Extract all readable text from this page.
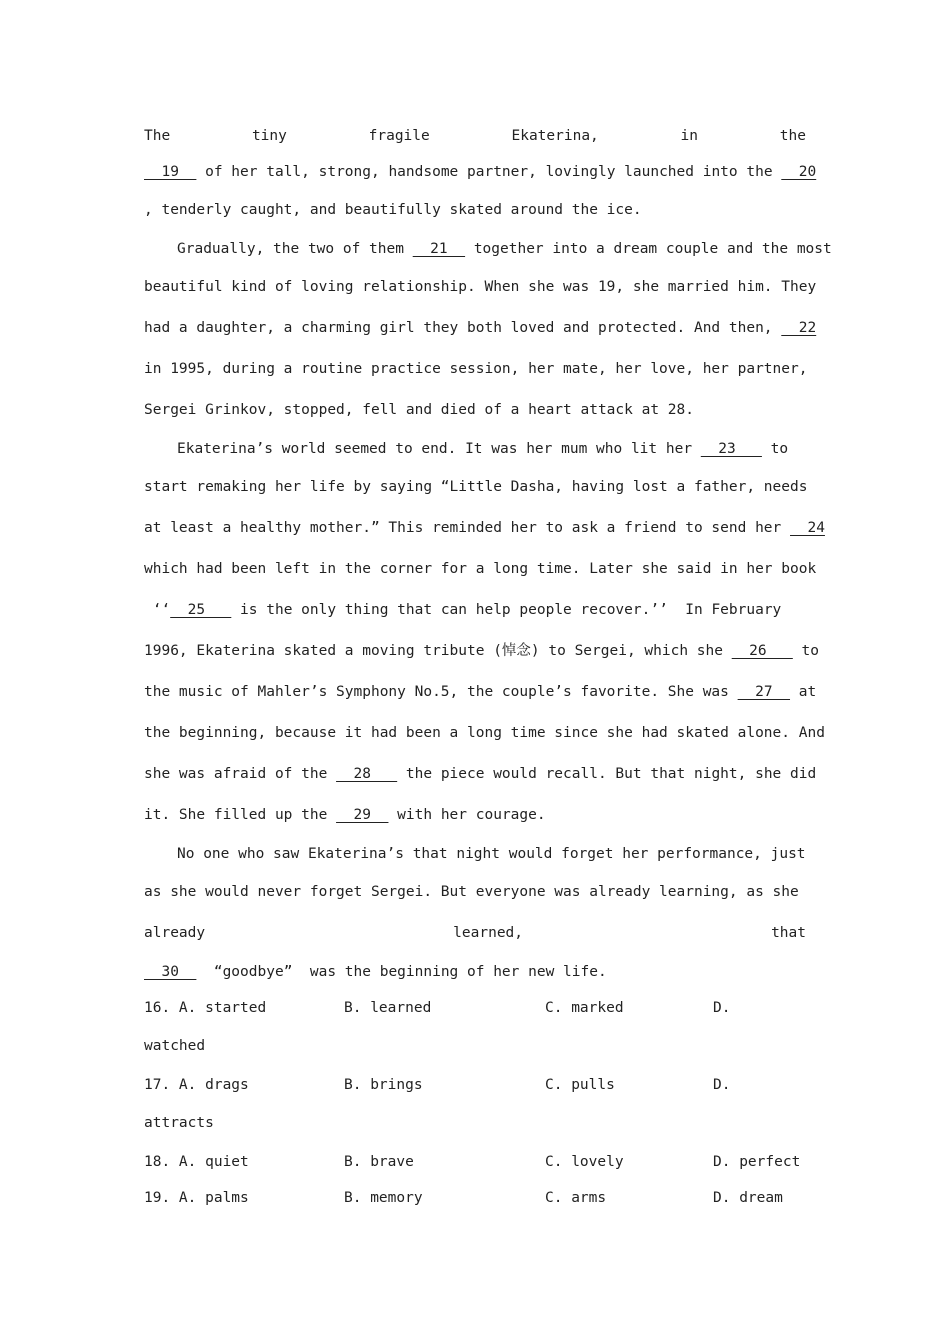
The	tiny	fragile	Ekaterina,	in	the
19 of her tall, strong, handsome partner, lovingly launched into the 20
, tenderly caught, and beautifully skated around the ice.
Gradually, the two of them 21 together into a dream couple and the most
beautiful kind of loving relationship. When she was 19, she married him. They
had a daughter, a charming girl they both loved and protected. And then, 22
in 1995, during a routine practice session, her mate, her love, her partner,
Sergei Grinkov, stopped, fell and died of a heart attack at 28.
Ekaterina’s world seemed to end. It was her mum who lit her 23 to
start remaking her life by saying “Little Dasha, having lost a father, needs
at least a healthy mother.” This reminded her to ask a friend to send her 24
which had been left in the corner for a long time. Later she said in her book
‘‘ 25 is the only thing that can help people recover.’’  In February
1996, Ekaterina skated a moving tribute (悼念) to Sergei, which she 26 to
the music of Mahler’s Symphony No.5, the couple’s favorite. She was 27 at
the beginning, because it had been a long time since she had skated alone. And
she was afraid of the 28 the piece would recall. But that night, she did
it. She filled up the 29 with her courage.
No one who saw Ekaterina’s that night would forget her performance, just
as she would never forget Sergei. But everyone was already learning, as she
already	learned,	that
30 “goodbye”  was the beginning of her new life.
16. A. started	B. learned	C. marked	D.
watched
17. A. drags	B. brings	C. pulls	D.
attracts
18. A. quiet	B. brave	C. lovely	D. perfect
19. A. palms	B. memory	C. arms	D. dream
